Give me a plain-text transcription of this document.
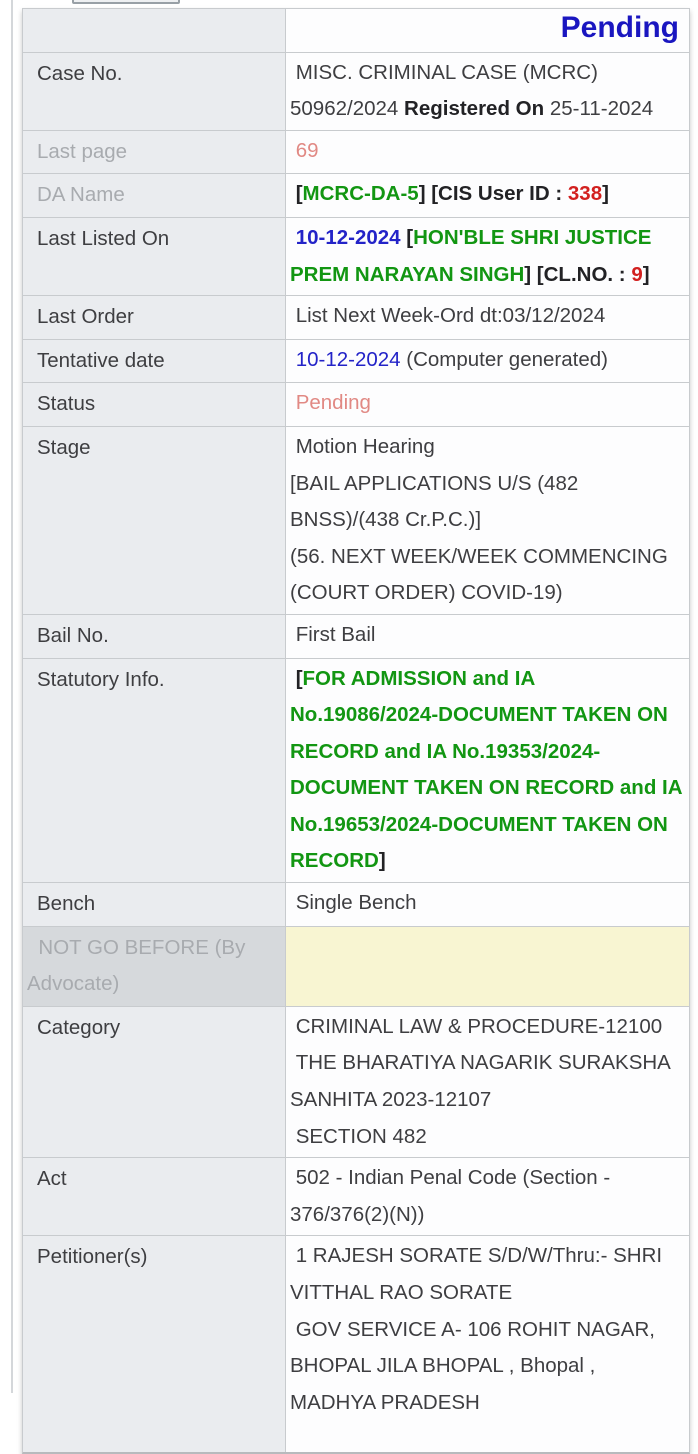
Pending
Case No.	MISC. CRIMINAL CASE (MCRC)
50962/2024 Registered On 25-11-2024
Last page	69
DA Name	[MCRC-DA-5] [CIS User ID : 338]
Last Listed On	10-12-2024 [HON'BLE SHRI JUSTICE
PREM NARAYAN SINGH] [CL.NO. : 9]
Last Order	List Next Week-Ord dt:03/12/2024
Tentative date	10-12-2024 (Computer generated)
Status	Pending
Stage	Motion Hearing
[BAIL APPLICATIONS U/S (482
BNSS)/(438 Cr.P.C.)]
(56. NEXT WEEK/WEEK COMMENCING
(COURT ORDER) COVID-19)
Bail No.	First Bail
Statutory Info.	[FOR ADMISSION and IA
No.19086/2024-DOCUMENT TAKEN ON
RECORD and IA No.19353/2024-
DOCUMENT TAKEN ON RECORD and IA
No.19653/2024-DOCUMENT TAKEN ON
RECORD]
Bench	Single Bench
NOT GO BEFORE (By Advocate)
Category	CRIMINAL LAW & PROCEDURE-12100
THE BHARATIYA NAGARIK SURAKSHA
SANHITA 2023-12107
SECTION 482
Act	502 - Indian Penal Code (Section -
376/376(2)(N))
Petitioner(s)	1 RAJESH SORATE S/D/W/Thru:- SHRI
VITTHAL RAO SORATE
GOV SERVICE A- 106 ROHIT NAGAR,
BHOPAL JILA BHOPAL , Bhopal ,
MADHYA PRADESH
